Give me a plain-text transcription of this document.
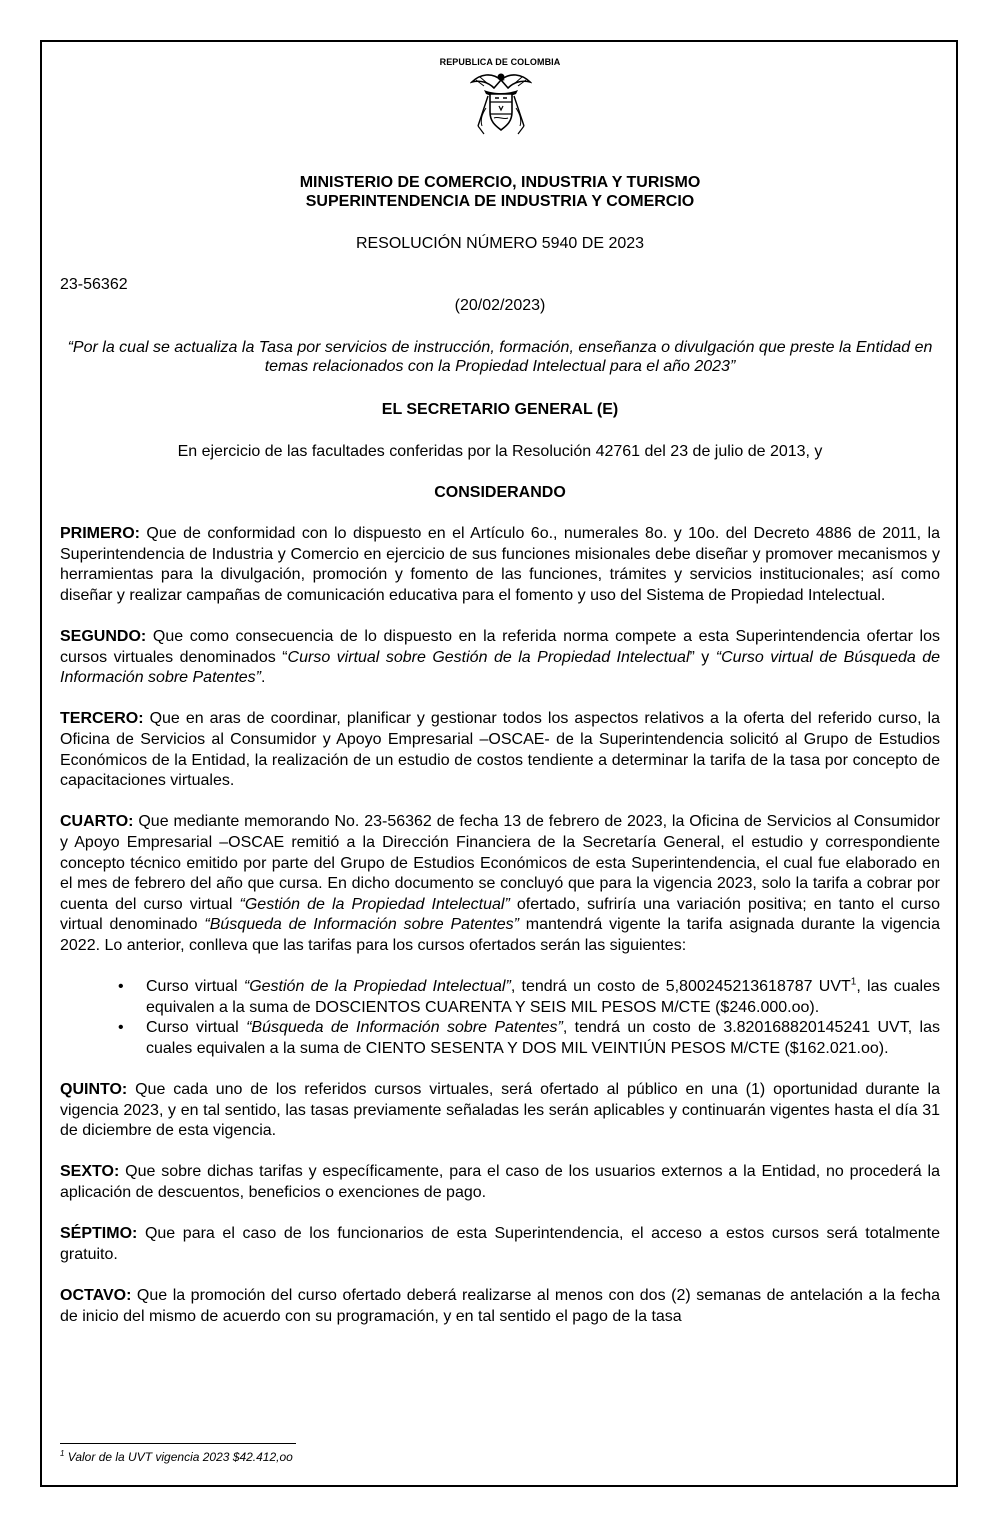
REPUBLICA DE COLOMBIA
MINISTERIO DE COMERCIO, INDUSTRIA Y TURISMO
SUPERINTENDENCIA DE INDUSTRIA Y COMERCIO
RESOLUCIÓN NÚMERO 5940 DE 2023
23-56362
(20/02/2023)
“Por la cual se actualiza la Tasa por servicios de instrucción, formación, enseñanza o divulgación que preste la Entidad en temas relacionados con la Propiedad Intelectual para el año 2023”
EL SECRETARIO GENERAL (E)
En ejercicio de las facultades conferidas por la Resolución 42761 del 23 de julio de 2013, y
CONSIDERANDO

PRIMERO: Que de conformidad con lo dispuesto en el Artículo 6o., numerales 8o. y 10o. del Decreto 4886 de 2011, la Superintendencia de Industria y Comercio en ejercicio de sus funciones misionales debe diseñar y promover mecanismos y herramientas para la divulgación, promoción y fomento de las funciones, trámites y servicios institucionales; así como diseñar y realizar campañas de comunicación educativa para el fomento y uso del Sistema de Propiedad Intelectual.

SEGUNDO: Que como consecuencia de lo dispuesto en la referida norma compete a esta Superintendencia ofertar los cursos virtuales denominados “Curso virtual sobre Gestión de la Propiedad Intelectual” y “Curso virtual de Búsqueda de Información sobre Patentes”.

TERCERO: Que en aras de coordinar, planificar y gestionar todos los aspectos relativos a la oferta del referido curso, la Oficina de Servicios al Consumidor y Apoyo Empresarial –OSCAE- de la Superintendencia solicitó al Grupo de Estudios Económicos de la Entidad, la realización de un estudio de costos tendiente a determinar la tarifa de la tasa por concepto de capacitaciones virtuales.

CUARTO: Que mediante memorando No. 23-56362 de fecha 13 de febrero de 2023, la Oficina de Servicios al Consumidor y Apoyo Empresarial –OSCAE remitió a la Dirección Financiera de la Secretaría General, el estudio y correspondiente concepto técnico emitido por parte del Grupo de Estudios Económicos de esta Superintendencia, el cual fue elaborado en el mes de febrero del año que cursa. En dicho documento se concluyó que para la vigencia 2023, solo la tarifa a cobrar por cuenta del curso virtual “Gestión de la Propiedad Intelectual” ofertado, sufriría una variación positiva; en tanto el curso virtual denominado “Búsqueda de Información sobre Patentes” mantendrá vigente la tarifa asignada durante la vigencia 2022. Lo anterior, conlleva que las tarifas para los cursos ofertados serán las siguientes:

• Curso virtual “Gestión de la Propiedad Intelectual”, tendrá un costo de 5,800245213618787 UVT$^1$, las cuales equivalen a la suma de DOSCIENTOS CUARENTA Y SEIS MIL PESOS M/CTE ($246.000.oo).
• Curso virtual “Búsqueda de Información sobre Patentes”, tendrá un costo de 3.820168820145241 UVT, las cuales equivalen a la suma de CIENTO SESENTA Y DOS MIL VEINTIÚN PESOS M/CTE ($162.021.oo).

QUINTO: Que cada uno de los referidos cursos virtuales, será ofertado al público en una (1) oportunidad durante la vigencia 2023, y en tal sentido, las tasas previamente señaladas les serán aplicables y continuarán vigentes hasta el día 31 de diciembre de esta vigencia.

SEXTO: Que sobre dichas tarifas y específicamente, para el caso de los usuarios externos a la Entidad, no procederá la aplicación de descuentos, beneficios o exenciones de pago.

SÉPTIMO: Que para el caso de los funcionarios de esta Superintendencia, el acceso a estos cursos será totalmente gratuito.

OCTAVO: Que la promoción del curso ofertado deberá realizarse al menos con dos (2) semanas de antelación a la fecha de inicio del mismo de acuerdo con su programación, y en tal sentido el pago de la tasa

$^1$ Valor de la UVT vigencia 2023 $42.412,oo
